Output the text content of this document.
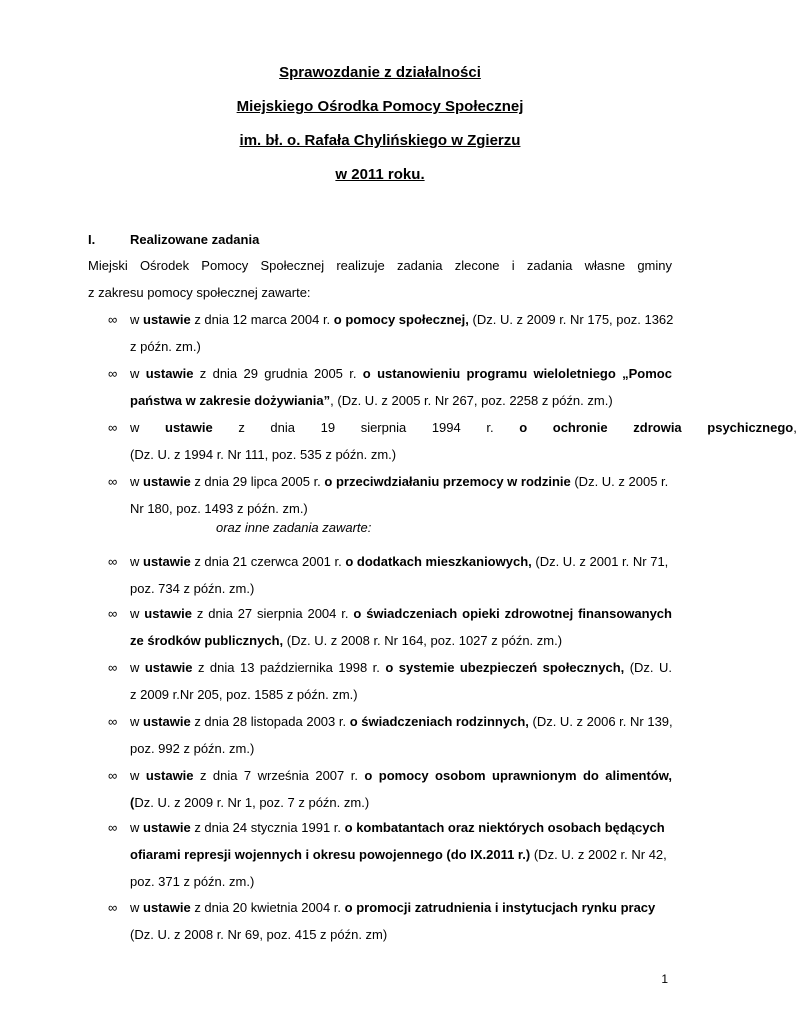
Sprawozdanie z działalności
Miejskiego Ośrodka Pomocy Społecznej
im. bł. o. Rafała Chylińskiego w Zgierzu
w 2011 roku.
I.	Realizowane zadania

Miejski Ośrodek Pomocy Społecznej realizuje zadania zlecone i zadania własne gminy

z zakresu pomocy społecznej zawarte:

∞ w ustawie z dnia 12 marca 2004 r. o pomocy społecznej, (Dz. U. z 2009 r. Nr 175, poz. 1362
z późn. zm.)
∞ w ustawie z dnia 29 grudnia 2005 r. o ustanowieniu programu wieloletniego „Pomoc
państwa w zakresie dożywiania”, (Dz. U. z 2005 r. Nr 267, poz. 2258 z późn. zm.)
∞ w ustawie z dnia 19 sierpnia 1994 r. o ochronie zdrowia psychicznego,
(Dz. U. z 1994 r. Nr 111, poz. 535 z późn. zm.)
∞ w ustawie z dnia 29 lipca 2005 r. o przeciwdziałaniu przemocy w rodzinie (Dz. U. z 2005 r.
Nr 180, poz. 1493 z późn. zm.)
oraz inne zadania zawarte:
∞ w ustawie z dnia 21 czerwca 2001 r. o dodatkach mieszkaniowych, (Dz. U. z 2001 r. Nr 71,
poz. 734 z późn. zm.)
∞ w ustawie z dnia 27 sierpnia 2004 r. o świadczeniach opieki zdrowotnej finansowanych
ze środków publicznych, (Dz. U. z 2008 r. Nr 164, poz. 1027 z późn. zm.)
∞ w ustawie z dnia 13 października 1998 r. o systemie ubezpieczeń społecznych, (Dz. U.
z 2009 r.Nr 205, poz. 1585 z późn. zm.)
∞ w ustawie z dnia 28 listopada 2003 r. o świadczeniach rodzinnych, (Dz. U. z 2006 r. Nr 139,
poz. 992 z późn. zm.)
∞ w ustawie z dnia 7 września 2007 r. o pomocy osobom uprawnionym do alimentów,
(Dz. U. z 2009 r. Nr 1, poz. 7 z późn. zm.)
∞ w ustawie z dnia 24 stycznia 1991 r. o kombatantach oraz niektórych osobach będących
ofiarami represji wojennych i okresu powojennego (do IX.2011 r.) (Dz. U. z 2002 r. Nr 42,
poz. 371 z późn. zm.)
∞ w ustawie z dnia 20 kwietnia 2004 r. o promocji zatrudnienia i instytucjach rynku pracy
(Dz. U. z 2008 r. Nr 69, poz. 415 z późn. zm)
1
